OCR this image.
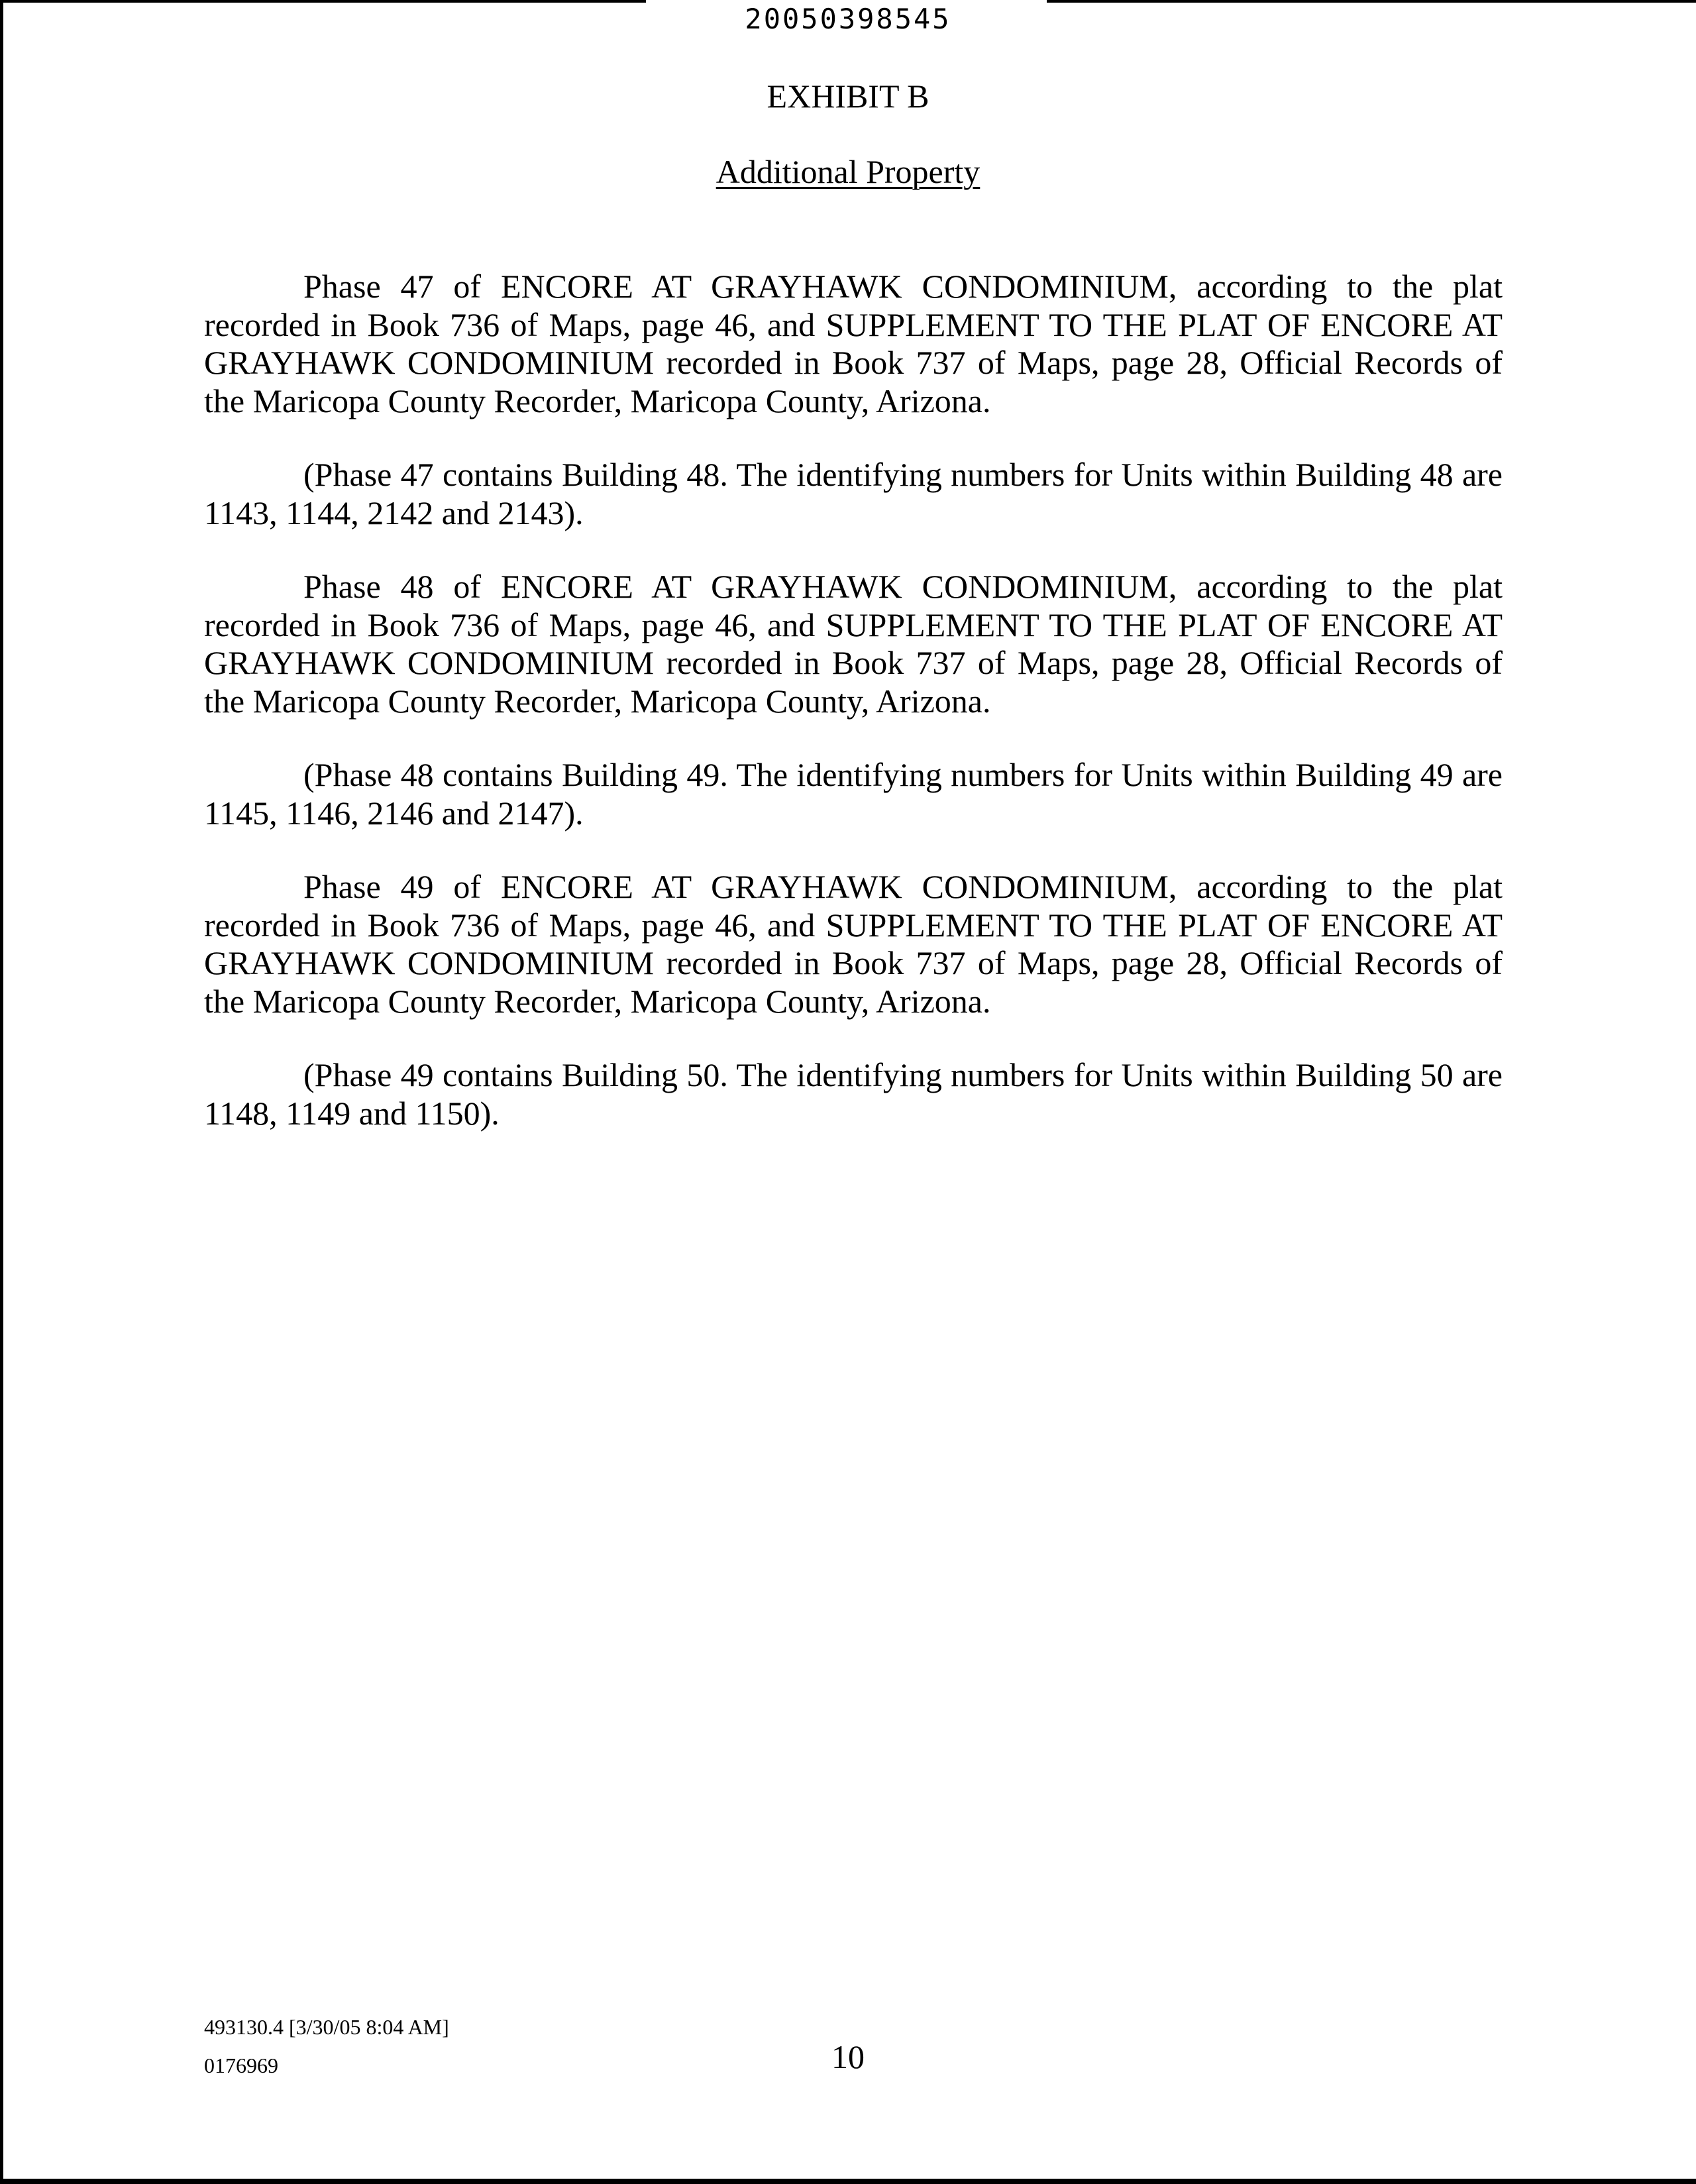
20050398545
EXHIBIT B
Additional Property

Phase 47 of ENCORE AT GRAYHAWK CONDOMINIUM, according to the plat recorded in Book 736 of Maps, page 46, and SUPPLEMENT TO THE PLAT OF ENCORE AT GRAYHAWK CONDOMINIUM recorded in Book 737 of Maps, page 28, Official Records of the Maricopa County Recorder, Maricopa County, Arizona.

(Phase 47 contains Building 48. The identifying numbers for Units within Building 48 are 1143, 1144, 2142 and 2143).

Phase 48 of ENCORE AT GRAYHAWK CONDOMINIUM, according to the plat recorded in Book 736 of Maps, page 46, and SUPPLEMENT TO THE PLAT OF ENCORE AT GRAYHAWK CONDOMINIUM recorded in Book 737 of Maps, page 28, Official Records of the Maricopa County Recorder, Maricopa County, Arizona.

(Phase 48 contains Building 49. The identifying numbers for Units within Building 49 are 1145, 1146, 2146 and 2147).

Phase 49 of ENCORE AT GRAYHAWK CONDOMINIUM, according to the plat recorded in Book 736 of Maps, page 46, and SUPPLEMENT TO THE PLAT OF ENCORE AT GRAYHAWK CONDOMINIUM recorded in Book 737 of Maps, page 28, Official Records of the Maricopa County Recorder, Maricopa County, Arizona.

(Phase 49 contains Building 50. The identifying numbers for Units within Building 50 are 1148, 1149 and 1150).

493130.4 [3/30/05 8:04 AM]
0176969	10
